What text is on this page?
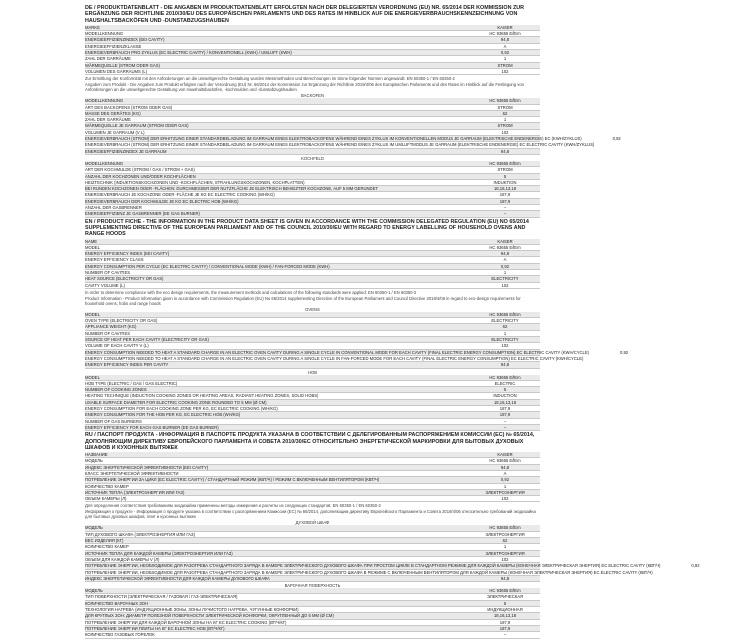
DE / PRODUKTDATENBLATT - DIE ANGABEN IM PRODUKTDATENBLATT ERFOLGTEN NACH DER DELEGIERTEN VERORDNUNG (EU) NR. 65/2014 DER KOMMISSION ZUR ERGÄNZUNG DER RICHTLINIE 2010/30/EU DES EUROPÄISCHEN PARLAMENTS UND DES RATES IM HINBLICK AUF DIE ENERGIEVERBRAUCHSKENNZEICHNUNG VON HAUSHALTSBACKÖFEN UND -DUNSTABZUGSHAUBEN
MARKE	KAISER
MODELLKENNUNG	HC 93655 E/lEm
ENERGIEEFFIZIENZINDEX (EEI CAVITY)	94,8
ENERGIEEFFIZIENZKLASSE	A
ENERGIEVERBRAUCH PRO ZYKLUS (EC ELECTRIC CAVITY) / KONVENTIONELL (KWH) / UMLUFT (KWH)	0,92
ZAHL DER GARRÄUME	1
WÄRMEQUELLE (STROM ODER GAS)	STROM
VOLUMEN DES GARRAUMS (L)	102
Zur Ermittlung der Konformität mit den Anforderungen an die umweltgerechte Gestaltung wurden Messmethoden und Berechnungen im Sinne folgender Normen angewandt: EN 60350-1 / EN 60350-2
Angaben zum Produkt - Die Angaben zum Produkt erfolgten nach der Verordnung (EU) Nr. 66/2014 der Kommission zur Ergänzung der Richtlinie 2019/4/06 des Europäischen Parlaments und des Rates im Hinblick auf die Festlegung von Anforderungen an die umweltgerechte Gestaltung von Haushaltsbacköfen, -kochmulden und -dunstabzugshauben
BACKOFEN
MODELLKENNUNG	HC 93655 E/lEm
ART DES BACKOFENS (STROM ODER GAS)	STROM
MASSE DES GERÄTES (KG)	62
ZAHL DER GARRÄUME	1
WÄRMEQUELLE JE GARRAUM (STROM ODER GAS)	STROM
VOLUMEN JE GARRAUM (V L)	102
ENERGIEVERBRAUCH (STROM) DER ERHITZUNG EINER STANDARDBELADUNG IM GARRAUM EINES ELEKTROBACKOFENS WÄHREND EINES ZYKLUS IM KONVENTIONELLEN MODUS JE GARRAUM (ELEKTRISCHE ENDENERGIE) EC (KWH/ZYKLUS)	0,92
ENERGIEVERBRAUCH (STROM) DER ERHITZUNG EINER STANDARDBELADUNG IM GARRAUM EINES ELEKTROBACKOFENS WÄHREND EINES ZYKLUS IM UMLUFTMODUS JE GARRAUM (ELEKTRISCHE ENDENERGIE) EC ELECTRIC CAVITY (KWH/ZYKLUS)
ENERGIEEFFIZIENZINDEX JE GARRAUM	94,8
KOCHFELD
MODELLKENNUNG	HC 93655 E/lEm
ART DER KOCHMULDE (STROM / GAS / STROM + GAS)	STROM
ANZAHL DER KOCHZONEN UND/ODER KOCHFLÄCHEN	5
HEIZTECHNIK (INDUKTIONSKOCHZONEN UND -KOCHFLÄCHEN, STRAHLUNGSKOCHZONEN, KOCHPLATTEN)	INDUKTION
BEI RUNDEN KOCHZONEN ODER -FLÄCHEN: DURCHMESSER DER NUTZFLÄCHE JE ELEKTRISCH BEHEIZTER KOCHZONE, AUF 5 MM GERUNDET	18,16,13,18
ENERGIEVERBRAUCH JE KOCHZONE ODER -FLÄCHE JE KG EC ELECTRIC COOKING (WH/KG)	187,9
ENERGIEVERBRAUCH DER KOCHMULDE JE KG EC ELECTRIC HOB (WH/KG)	187,9
ANZAHL DER GASBRENNER	–
ENERGIEEFFIZIENZ JE GASBRENNER (EE GAS BURNER)	–
EN / PRODUCT FICHE - THE INFORMATION IN THE PRODUCT DATA SHEET IS GIVEN IN ACCORDANCE WITH THE COMMISSION DELEGATED REGULATION (EU) NO 65/2014 SUPPLEMENTING DIRECTIVE OF THE EUROPEAN PARLIAMENT AND OF THE COUNCIL 2010/30/EU WITH REGARD TO ENERGY LABELLING OF HOUSEHOLD OVENS AND RANGE HOODS
NAME	KAISER
MODEL	HC 93655 E/lEm
ENERGY EFFICIENCY INDEX (EEI CAVITY)	94,8
ENERGY EFFICIENCY CLASS	A
ENERGY CONSUMPTION PER CYCLE (EC ELECTRIC CAVITY) / CONVENTIONAL MODE (KWH) / FAN-FORCED MODE (KWH)	0,92
NUMBER OF CAVITIES	1
HEAT SOURCE (ELECTRICITY OR GAS)	ELECTRICITY
CAVITY VOLUME (L)	102
In order to determine compliance with the eco design requirements, the measurement methods and calculations of the following standards were applied: EN 60350-1 / EN 60350-2
Product Information - Product information given in accordance with Commission Regulation (EU) No 66/2014 supplementing Directive of the European Parliament and Council Directive 2019/4/06 in regard to eco-design requirements for household ovens, hobs and range hoods
OVENS
MODEL	HC 93655 E/lEm
OVEN TYPE (ELECTRICITY OR GAS)	ELECTRICITY
APPLIANCE WEIGHT (KG)	62
NUMBER OF CAVITIES	1
SOURCE OF HEAT PER EACH CAVITY (ELECTRICITY OR GAS)	ELECTRICITY
VOLUME OF EACH CAVITY V (L)	102
ENERGY CONSUMPTION NEEDED TO HEAT A STANDARD CHARGE IN AN ELECTRIC OVEN CAVITY DURING A SINGLE CYCLE IN CONVENTIONAL MODE FOR EACH CAVITY (FINAL ELECTRIC ENERGY CONSUMPTION) EC ELECTRIC CAVITY (KWH/CYCLE)	0,92
ENERGY CONSUMPTION NEEDED TO HEAT A STANDARD CHARGE IN AN ELECTRIC OVEN CAVITY DURING A SINGLE CYCLE IN FAN-FORCED MODE FOR EACH CAVITY (FINAL ELECTRIC ENERGY CONSUMPTION) EC ELECTRIC CAVITY (KWH/CYCLE)
ENERGY EFFICIENCY INDEX PER CAVITY	94,8
HOB
MODEL	HC 93655 E/lEm
HOB TYPE (ELECTRIC / GAS / GAS ELECTRIC)	ELECTRIC
NUMBER OF COOKING ZONES	5
HEATING TECHNIQUE (INDUCTION COOKING ZONES OR HEATING AREAS, RADIANT HEATING ZONES, SOLID HOBS)	INDUCTION
USABLE SURFACE DIAMETER FOR ELECTRIC COOKING ZONE ROUNDED TO 5 MM (Ø CM)	18,16,13,18
ENERGY CONSUMPTION FOR EACH COOKING ZONE PER KG, EC ELECTRIC COOKING (WH/KG)	187,9
ENERGY CONSUMPTION FOR THE HOB PER KG, EC ELECTRIC HOB (WH/KG)	187,9
NUMBER OF GAS BURNERS	–
ENERGY EFFICIENCY FOR EACH GAS BURNER (EE GAS BURNER)	–
RU / ПАСПОРТ ПРОДУКТА - ИНФОРМАЦИЯ В ПАСПОРТЕ ПРОДУКТА УКАЗАНА В СООТВЕТСТВИИ С ДЕЛЕГИРОВАННЫМ РАСПОРЯЖЕНИЕМ КОМИССИИ (ЕС) № 65/2014, ДОПОЛНЯЮЩИМ ДИРЕКТИВУ ЕВРОПЕЙСКОГО ПАРЛАМЕНТА И СОВЕТА 2010/30/ЕС ОТНОСИТЕЛЬНО ЭНЕРГЕТИЧЕСКОЙ МАРКИРОВКИ ДЛЯ БЫТОВЫХ ДУХОВЫХ ШКАФОВ И КУХОННЫХ ВЫТЯЖЕК
НАЗВАНИЕ	KAISER
МОДЕЛЬ	HC 93655 E/lEm
ИНДЕКС ЭНЕРГЕТИЧЕСКОЙ ЭФФЕКТИВНОСТИ (EEI CAVITY)	94,8
КЛАСС ЭНЕРГЕТИЧЕСКОЙ ЭФФЕКТИВНОСТИ	A
ПОТРЕБЛЕНИЕ ЭНЕРГИИ ЗА ЦИКЛ (EC ELECTRIC CAVITY) / СТАНДАРТНЫЙ РЕЖИМ (КВТ/Ч) / РЕЖИМ С ВКЛЮЧЕННЫМ ВЕНТИЛЯТОРОМ (КВТ/Ч)	0,92
КОЛИЧЕСТВО КАМЕР	1
ИСТОЧНИК ТЕПЛА (ЭЛЕКТРОЭНЕРГИЯ ИЛИ ГАЗ)	ЭЛЕКТРОЭНЕРГИЯ
ОБЪЕМ КАМЕРЫ (Л)	102
Для определения соответствия требованиям экодизайна применены методы измерения и расчеты из следующих стандартов: EN 60350-1 / EN 60350-2
Информация о продукте - Информация о продукте указана в соответствии с распоряжением Комиссии (ЕС) № 66/2014, дополняющим директиву Европейского Парламента и Совета 2019/4/06 относительно требований экодизайна для бытовых духовых шкафов, плит и кухонных вытяжек
ДУХОВОЙ ШКАФ
МОДЕЛЬ	HC 93655 E/lEm
ТИП ДУХОВОГО ШКАФА (ЭЛЕКТРОЭНЕРГИЯ ИЛИ ГАЗ)	ЭЛЕКТРОЭНЕРГИЯ
ВЕС ИЗДЕЛИЯ (КГ)	62
КОЛИЧЕСТВО КАМЕР	1
ИСТОЧНИК ТЕПЛА ДЛЯ КАЖДОЙ КАМЕРЫ (ЭЛЕКТРОЭНЕРГИЯ ИЛИ ГАЗ)	ЭЛЕКТРОЭНЕРГИЯ
ОБЪЕМ ДЛЯ КАЖДОЙ КАМЕРЫ V (Л)	102
ПОТРЕБЛЕНИЕ ЭНЕРГИИ, НЕОБХОДИМОЕ ДЛЯ РАЗОГРЕВА СТАНДАРТНОГО ЗАРЯДА В КАМЕРЕ ЭЛЕКТРИЧЕСКОГО ДУХОВОГО ШКАФА ПРИ ПРОСТОМ ЦИКЛЕ В СТАНДАРТНОМ РЕЖИМЕ ДЛЯ КАЖДОЙ КАМЕРЫ (КОНЕЧНАЯ ЭЛЕКТРИЧЕСКАЯ ЭНЕРГИЯ) EC ELECTRIC CAVITY (КВТ/Ч)	0,92
ПОТРЕБЛЕНИЕ ЭНЕРГИИ, НЕОБХОДИМОЕ ДЛЯ РАЗОГРЕВА СТАНДАРТНОГО ЗАРЯДА В КАМЕРЕ ЭЛЕКТРИЧЕСКОГО ДУХОВОГО ШКАФА В РЕЖИМЕ С ВКЛЮЧЕННЫМ ВЕНТИЛЯТОРОМ ДЛЯ КАЖДОЙ КАМЕРЫ (КОНЕЧНАЯ ЭЛЕКТРИЧЕСКАЯ ЭНЕРГИЯ) EC ELECTRIC CAVITY (КВТ/Ч)
ИНДЕКС ЭНЕРГЕТИЧЕСКОЙ ЭФФЕКТИВНОСТИ ДЛЯ КАЖДОЙ КАМЕРЫ ДУХОВОГО ШКАФА	94,8
ВАРОЧНАЯ ПОВЕРХНОСТЬ
МОДЕЛЬ	HC 93655 E/lEm
ТИП ПОВЕРХНОСТИ (ЭЛЕКТРИЧЕСКАЯ / ГАЗОВАЯ / ГАЗ-ЭЛЕКТРИЧЕСКАЯ)	ЭЛЕКТРИЧЕСКАЯ
КОЛИЧЕСТВО ВАРОЧНЫХ ЗОН	5
ТЕХНОЛОГИЯ НАГРЕВА (ИНДУКЦИОННЫЕ ЗОНЫ, ЗОНЫ ЛУЧИСТОГО НАГРЕВА, ЧУГУННЫЕ КОНФОРКИ)	ИНДУКЦИОННАЯ
ДЛЯ КРУГЛЫХ ЗОН: ДИАМЕТР ПОЛЕЗНОЙ ПОВЕРХНОСТИ ЭЛЕКТРИЧЕСКОЙ КОНФОРКИ, ОКРУГЛЕННЫЙ ДО 5 ММ (Ø СМ)	18,16,13,18
ПОТРЕБЛЕНИЕ ЭНЕРГИИ ДЛЯ КАЖДОЙ ВАРОЧНОЙ ЗОНЫ НА КГ EC ELECTRIC COOKING (ВТ/Ч/КГ)	187,9
ПОТРЕБЛЕНИЕ ЭНЕРГИИ ПЛИТЫ НА КГ EC ELECTRIC HOB (ВТ/Ч/КГ)	187,9
КОЛИЧЕСТВО ГАЗОВЫХ ГОРЕЛОК	–
